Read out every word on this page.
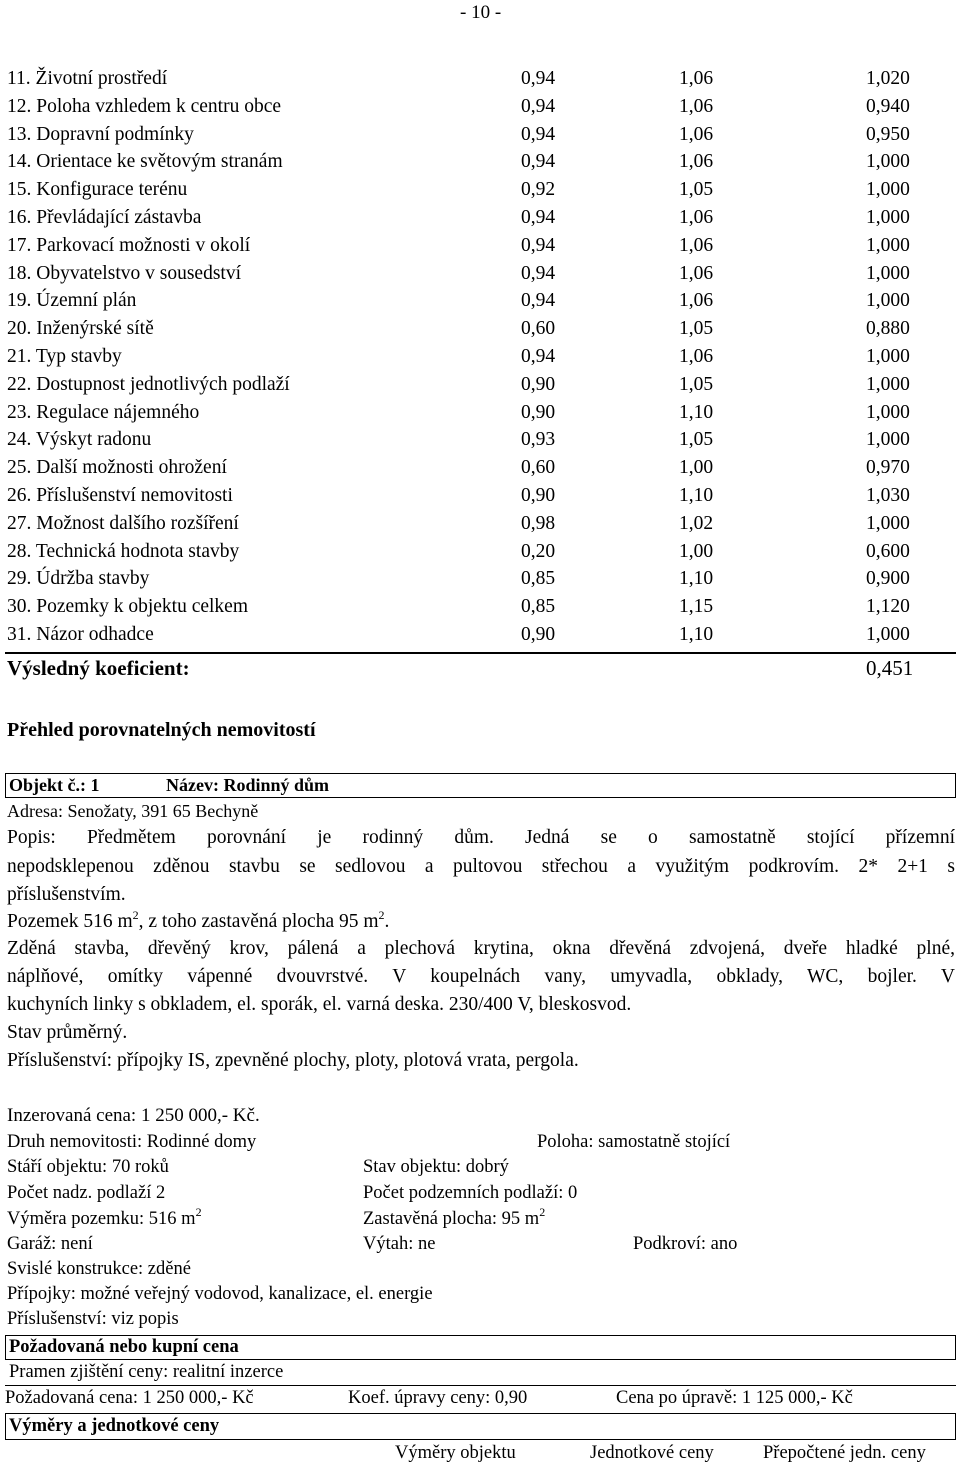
- 10 -
11. Životní prostředí	0,94	1,06	1,020
12. Poloha vzhledem k centru obce	0,94	1,06	0,940
13. Dopravní podmínky	0,94	1,06	0,950
14. Orientace ke světovým stranám	0,94	1,06	1,000
15. Konfigurace terénu	0,92	1,05	1,000
16. Převládající zástavba	0,94	1,06	1,000
17. Parkovací možnosti v okolí	0,94	1,06	1,000
18. Obyvatelstvo v sousedství	0,94	1,06	1,000
19. Územní plán	0,94	1,06	1,000
20. Inženýrské sítě	0,60	1,05	0,880
21. Typ stavby	0,94	1,06	1,000
22. Dostupnost jednotlivých podlaží	0,90	1,05	1,000
23. Regulace nájemného	0,90	1,10	1,000
24. Výskyt radonu	0,93	1,05	1,000
25. Další možnosti ohrožení	0,60	1,00	0,970
26. Příslušenství nemovitosti	0,90	1,10	1,030
27. Možnost dalšího rozšíření	0,98	1,02	1,000
28. Technická hodnota stavby	0,20	1,00	0,600
29. Údržba stavby	0,85	1,10	0,900
30. Pozemky k objektu celkem	0,85	1,15	1,120
31. Názor odhadce	0,90	1,10	1,000
Výsledný koeficient:	0,451
Přehled porovnatelných nemovitostí
Objekt č.: 1	Název: Rodinný dům
Adresa: Senožaty, 391 65 Bechyně
Popis: Předmětem porovnání je rodinný dům. Jedná se o samostatně stojící přízemní
nepodsklepenou zděnou stavbu se sedlovou a pultovou střechou a využitým podkrovím. 2* 2+1 s
příslušenstvím.
Pozemek 516 $m^2$, z toho zastavěná plocha 95 $m^2$.
Zděná stavba, dřevěný krov, pálená a plechová krytina, okna dřevěná zdvojená, dveře hladké plné,
náplňové, omítky vápenné dvouvrstvé. V koupelnách vany, umyvadla, obklady, WC, bojler. V
kuchyních linky s obkladem, el. sporák, el. varná deska. 230/400 V, bleskosvod.
Stav průměrný.
Příslušenství: přípojky IS, zpevněné plochy, ploty, plotová vrata, pergola.
Inzerovaná cena: 1 250 000,- Kč.
Druh nemovitosti: Rodinné domy	Poloha: samostatně stojící
Stáří objektu: 70 roků	Stav objektu: dobrý
Počet nadz. podlaží 2	Počet podzemních podlaží: 0
Výměra pozemku: 516 $m^2$	Zastavěná plocha: 95 $m^2$
Garáž: není	Výtah: ne	Podkroví: ano
Svislé konstrukce: zděné
Přípojky: možné veřejný vodovod, kanalizace, el. energie
Příslušenství: viz popis
Požadovaná nebo kupní cena
Pramen zjištění ceny: realitní inzerce
Požadovaná cena: 1 250 000,- Kč	Koef. úpravy ceny: 0,90	Cena po úpravě: 1 125 000,- Kč
Výměry a jednotkové ceny
Výměry objektu	Jednotkové ceny	Přepočtené jedn. ceny
